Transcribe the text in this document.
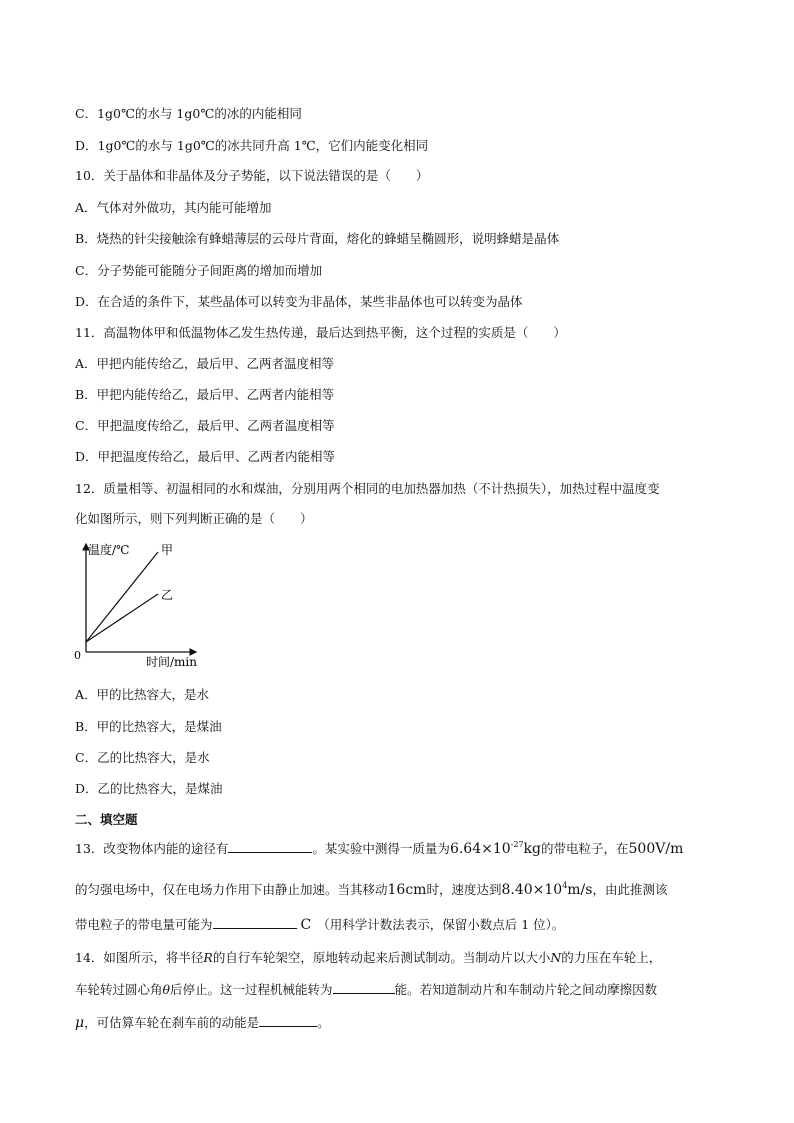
C．1g0℃的水与 1g0℃的冰的内能相同
D．1g0℃的水与 1g0℃的冰共同升高 1℃，它们内能变化相同
10．关于晶体和非晶体及分子势能，以下说法错误的是（　　）
A．气体对外做功，其内能可能增加
B．烧热的针尖接触涂有蜂蜡薄层的云母片背面，熔化的蜂蜡呈椭圆形，说明蜂蜡是晶体
C．分子势能可能随分子间距离的增加而增加
D．在合适的条件下，某些晶体可以转变为非晶体，某些非晶体也可以转变为晶体
11．高温物体甲和低温物体乙发生热传递，最后达到热平衡，这个过程的实质是（　　）
A．甲把内能传给乙，最后甲、乙两者温度相等
B．甲把内能传给乙，最后甲、乙两者内能相等
C．甲把温度传给乙，最后甲、乙两者温度相等
D．甲把温度传给乙，最后甲、乙两者内能相等
12．质量相等、初温相同的水和煤油，分别用两个相同的电加热器加热（不计热损失），加热过程中温度变
化如图所示，则下列判断正确的是（　　）
温度/℃
时间/min
0
甲
乙
A．甲的比热容大，是水
B．甲的比热容大，是煤油
C．乙的比热容大，是水
D．乙的比热容大，是煤油
二、填空题
13．改变物体内能的途径有	。某实验中测得一质量为$6.64\times 10^{-27}kg$的带电粒子，在500V/m
的匀强电场中，仅在电场力作用下由静止加速。当其移动16cm时，速度达到$8.40\times 10^4m/s$，由此推测该
带电粒子的带电量可能为	C （用科学计数法表示，保留小数点后 1 位）。
14．如图所示，将半径R的自行车轮架空，原地转动起来后测试制动。当制动片以大小N的力压在车轮上，
车轮转过圆心角θ后停止。这一过程机械能转为	能。若知道制动片和车制动片轮之间动摩擦因数
μ，可估算车轮在刹车前的动能是	。
